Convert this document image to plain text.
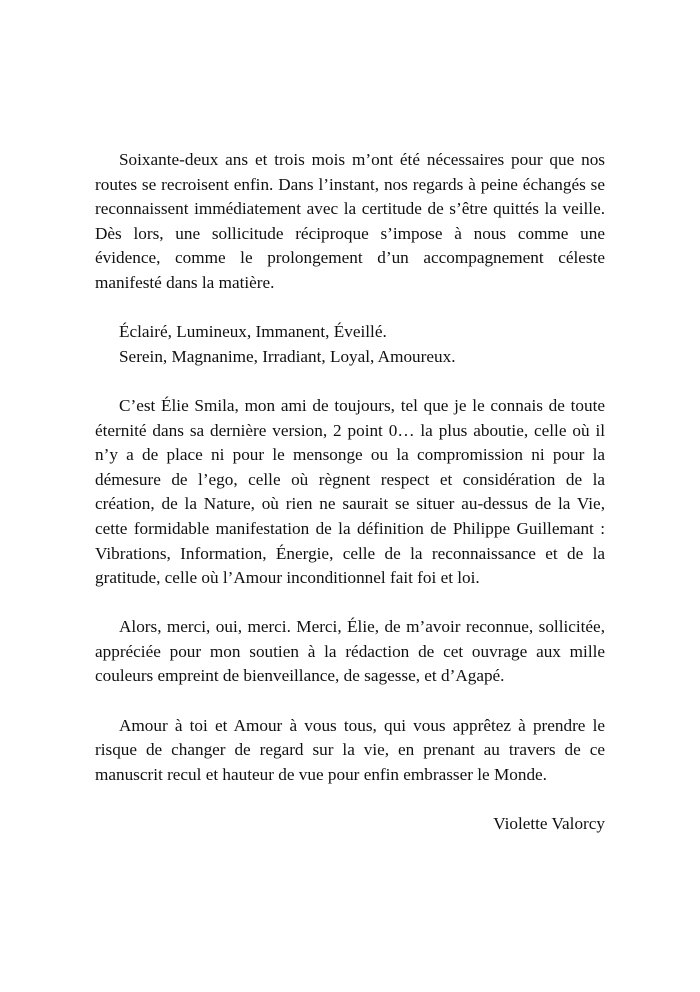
Soixante-deux ans et trois mois m’ont été nécessaires pour que nos routes se recroisent enfin. Dans l’instant, nos regards à peine échangés se reconnaissent immédiatement avec la certitude de s’être quittés la veille. Dès lors, une sollicitude réciproque s’impose à nous comme une évidence, comme le prolongement d’un accompagnement céleste manifesté dans la matière.

Éclairé, Lumineux, Immanent, Éveillé.

Serein, Magnanime, Irradiant, Loyal, Amoureux.

C’est Élie Smila, mon ami de toujours, tel que je le connais de toute éternité dans sa dernière version, 2 point 0… la plus aboutie, celle où il n’y a de place ni pour le mensonge ou la compromission ni pour la démesure de l’ego, celle où règnent respect et considération de la création, de la Nature, où rien ne saurait se situer au-dessus de la Vie, cette formidable manifestation de la définition de Philippe Guillemant : Vibrations, Information, Énergie, celle de la reconnaissance et de la gratitude, celle où l’Amour inconditionnel fait foi et loi.

Alors, merci, oui, merci. Merci, Élie, de m’avoir reconnue, sollicitée, appréciée pour mon soutien à la rédaction de cet ouvrage aux mille couleurs empreint de bienveillance, de sagesse, et d’Agapé.

Amour à toi et Amour à vous tous, qui vous apprêtez à prendre le risque de changer de regard sur la vie, en prenant au travers de ce manuscrit recul et hauteur de vue pour enfin embrasser le Monde.

Violette Valorcy
